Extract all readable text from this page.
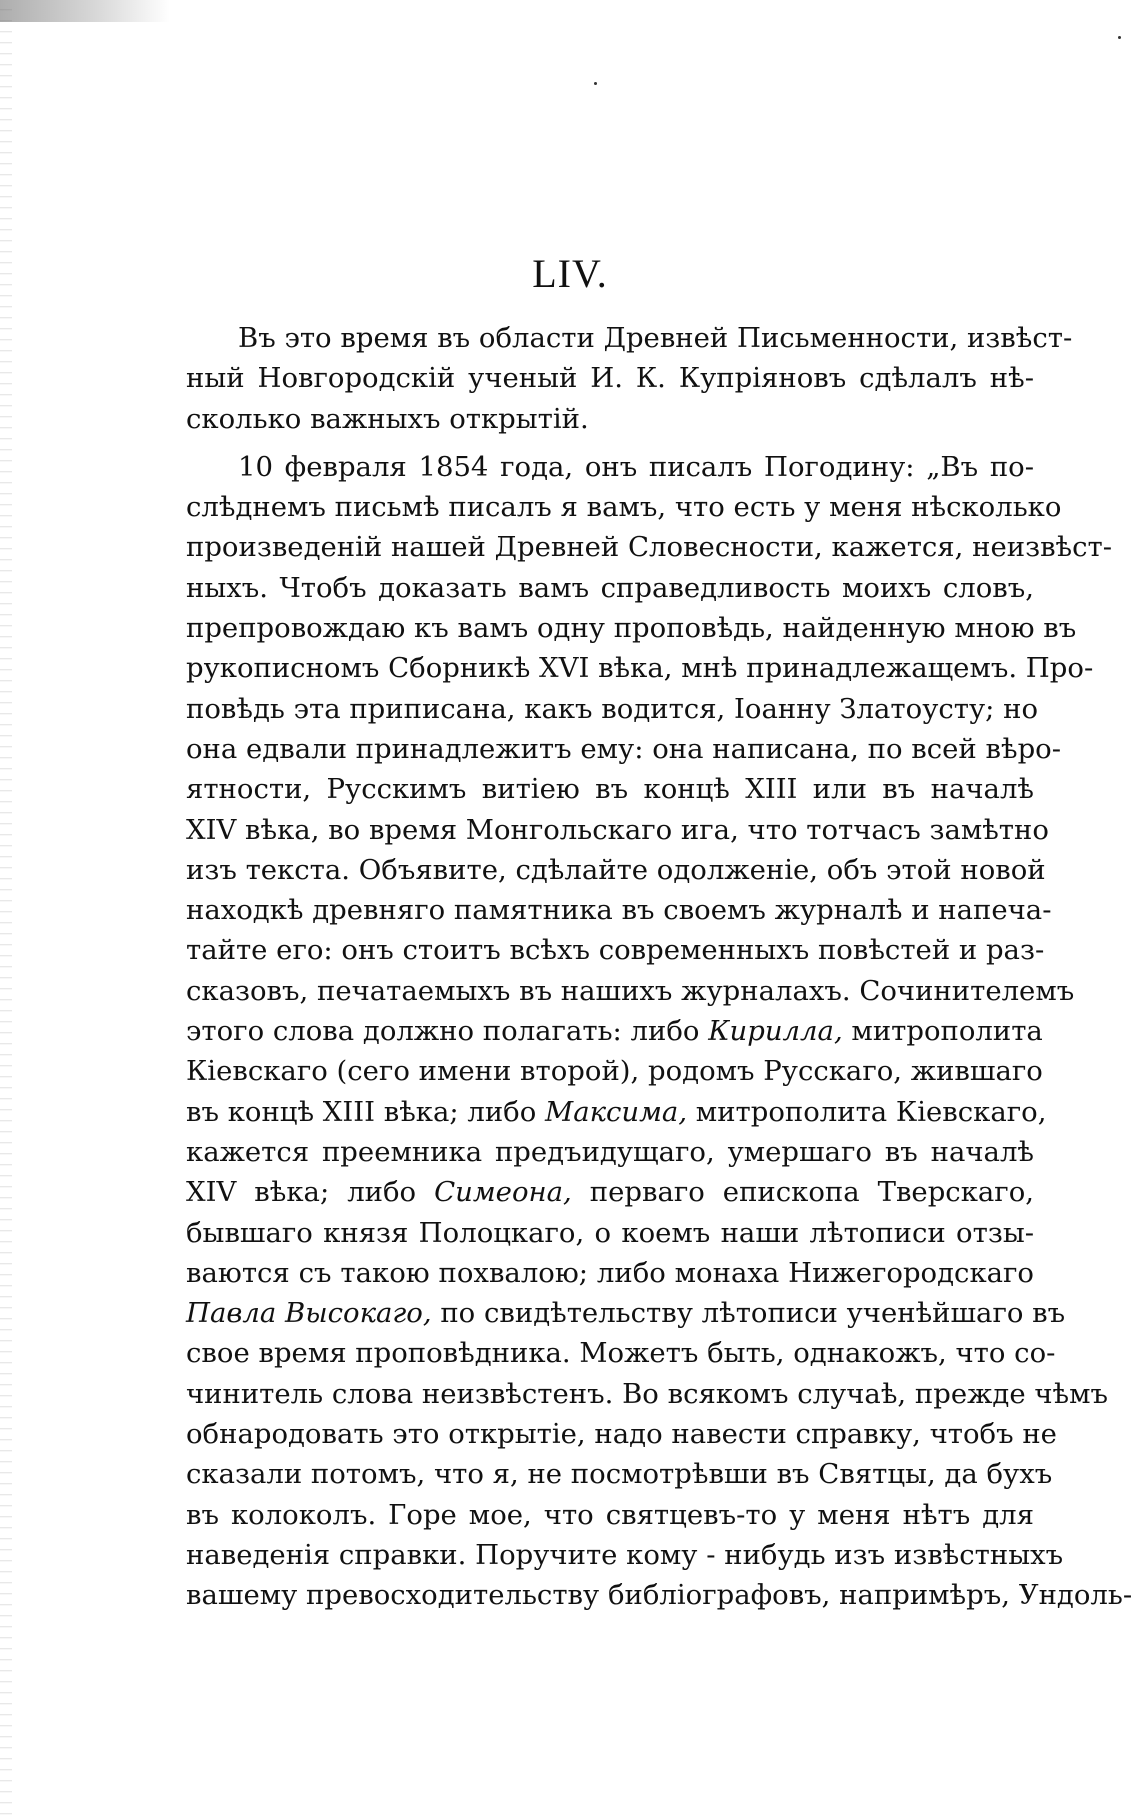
LIV.
Въ это время въ области Древней Письменности, извѣст-
ный Новгородскій ученый И. К. Купріяновъ сдѣлалъ нѣ-
сколько важныхъ открытій.
10 февраля 1854 года, онъ писалъ Погодину: „Въ по-
слѣднемъ письмѣ писалъ я вамъ, что есть у меня нѣсколько
произведеній нашей Древней Словесности, кажется, неизвѣст-
ныхъ. Чтобъ доказать вамъ справедливость моихъ словъ,
препровождаю къ вамъ одну проповѣдь, найденную мною въ
рукописномъ Сборникѣ XVI вѣка, мнѣ принадлежащемъ. Про-
повѣдь эта приписана, какъ водится, Іоанну Златоусту; но
она едвали принадлежитъ ему: она написана, по всей вѣро-
ятности, Русскимъ витіею въ концѣ XIII или въ началѣ
XIV вѣка, во время Монгольскаго ига, что тотчасъ замѣтно
изъ текста. Объявите, сдѣлайте одолженіе, объ этой новой
находкѣ древняго памятника въ своемъ журналѣ и напеча-
тайте его: онъ стоитъ всѣхъ современныхъ повѣстей и раз-
сказовъ, печатаемыхъ въ нашихъ журналахъ. Сочинителемъ
этого слова должно полагать: либо Кирилла, митрополита
Кіевскаго (сего имени второй), родомъ Русскаго, жившаго
въ концѣ XIII вѣка; либо Максима, митрополита Кіевскаго,
кажется преемника предъидущаго, умершаго въ началѣ
XIV вѣка; либо Симеона, перваго епископа Тверскаго,
бывшаго князя Полоцкаго, о коемъ наши лѣтописи отзы-
ваются съ такою похвалою; либо монаха Нижегородскаго
Павла Высокаго, по свидѣтельству лѣтописи ученѣйшаго въ
свое время проповѣдника. Можетъ быть, однакожъ, что со-
чинитель слова неизвѣстенъ. Во всякомъ случаѣ, прежде чѣмъ
обнародовать это открытіе, надо навести справку, чтобъ не
сказали потомъ, что я, не посмотрѣвши въ Святцы, да бухъ
въ колоколъ. Горе мое, что святцевъ-то у меня нѣтъ для
наведенія справки. Поручите кому - нибудь изъ извѣстныхъ
вашему превосходительству библіографовъ, напримѣръ, Ундоль-
